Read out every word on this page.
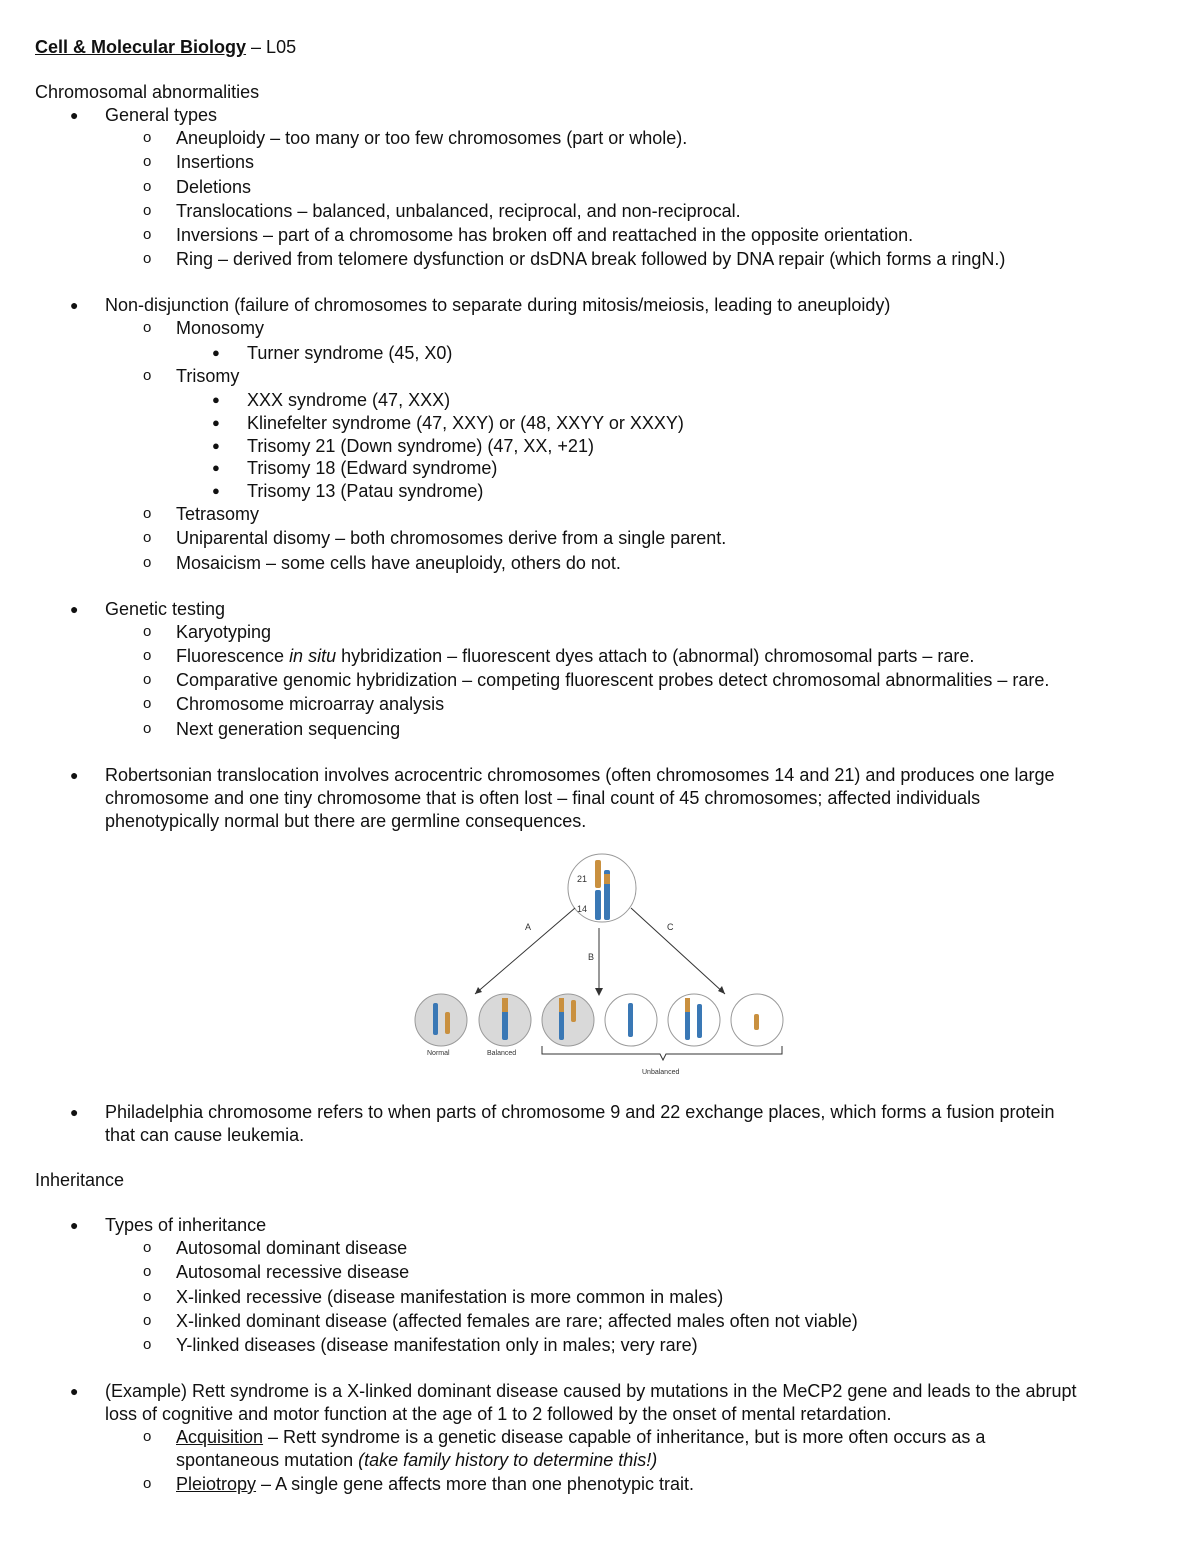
Cell & Molecular Biology – L05
Chromosomal abnormalities
● General types
o Aneuploidy – too many or too few chromosomes (part or whole).
o Insertions
o Deletions
o Translocations – balanced, unbalanced, reciprocal, and non-reciprocal.
o Inversions – part of a chromosome has broken off and reattached in the opposite orientation.
o Ring – derived from telomere dysfunction or dsDNA break followed by DNA repair (which forms a ringN.)
● Non-disjunction (failure of chromosomes to separate during mitosis/meiosis, leading to aneuploidy)
o Monosomy
● Turner syndrome (45, X0)
o Trisomy
● XXX syndrome (47, XXX)
● Klinefelter syndrome (47, XXY) or (48, XXYY or XXXY)
● Trisomy 21 (Down syndrome) (47, XX, +21)
● Trisomy 18 (Edward syndrome)
● Trisomy 13 (Patau syndrome)
o Tetrasomy
o Uniparental disomy – both chromosomes derive from a single parent.
o Mosaicism – some cells have aneuploidy, others do not.
● Genetic testing
o Karyotyping
o Fluorescence in situ hybridization – fluorescent dyes attach to (abnormal) chromosomal parts – rare.
o Comparative genomic hybridization – competing fluorescent probes detect chromosomal abnormalities – rare.
o Chromosome microarray analysis
o Next generation sequencing
● Robertsonian translocation involves acrocentric chromosomes (often chromosomes 14 and 21) and produces one large
chromosome and one tiny chromosome that is often lost – final count of 45 chromosomes; affected individuals
phenotypically normal but there are germline consequences.
21
14
A
B
C
Normal	Balanced
Unbalanced
● Philadelphia chromosome refers to when parts of chromosome 9 and 22 exchange places, which forms a fusion protein
that can cause leukemia.
Inheritance
● Types of inheritance
o Autosomal dominant disease
o Autosomal recessive disease
o X-linked recessive (disease manifestation is more common in males)
o X-linked dominant disease (affected females are rare; affected males often not viable)
o Y-linked diseases (disease manifestation only in males; very rare)
● (Example) Rett syndrome is a X-linked dominant disease caused by mutations in the MeCP2 gene and leads to the abrupt
loss of cognitive and motor function at the age of 1 to 2 followed by the onset of mental retardation.
o Acquisition – Rett syndrome is a genetic disease capable of inheritance, but is more often occurs as a
spontaneous mutation (take family history to determine this!)
o Pleiotropy – A single gene affects more than one phenotypic trait.
